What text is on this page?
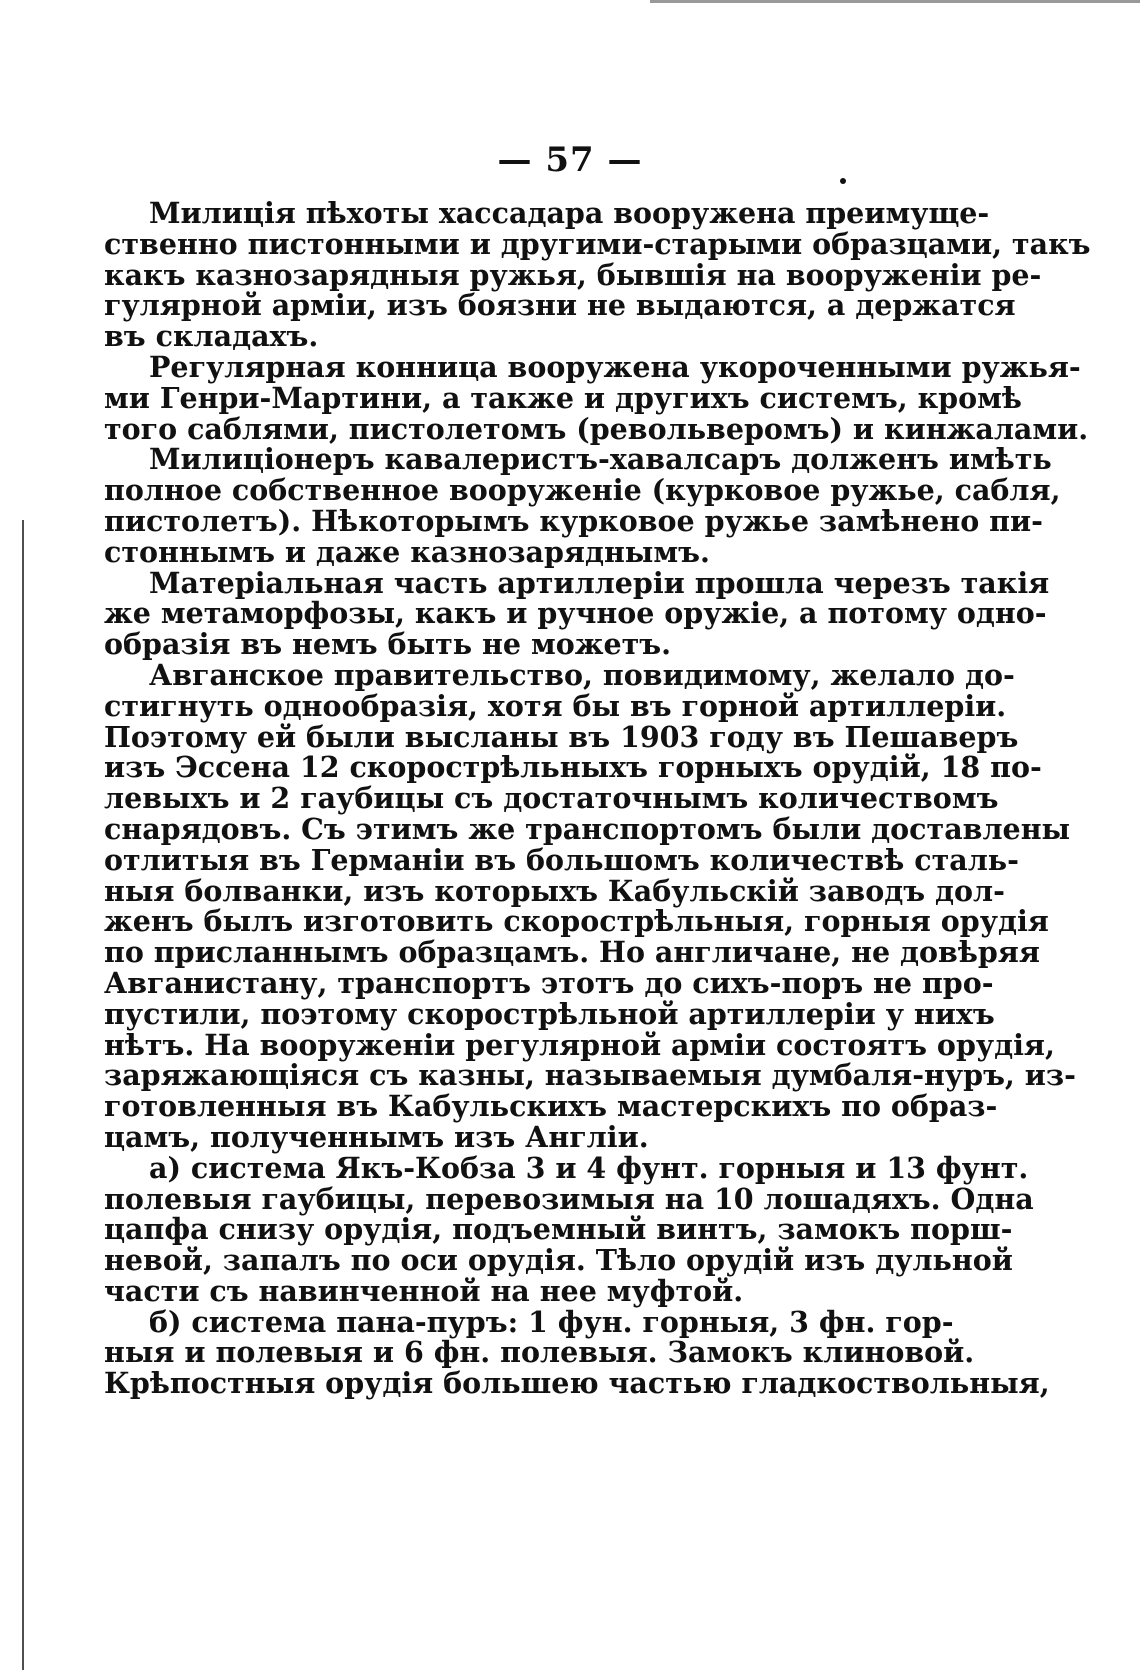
— 57 —
Милиція пѣхоты хассадара вооружена преимуще-
ственно пистонными и другими-старыми образцами, такъ
какъ казнозарядныя ружья, бывшія на вооруженіи ре-
гулярной арміи, изъ боязни не выдаются, а держатся
въ складахъ.
Регулярная конница вооружена укороченными ружья-
ми Генри-Мартини, а также и другихъ системъ, кромѣ
того саблями, пистолетомъ (револьверомъ) и кинжалами.
Милиціонеръ кавалеристъ-хавалсаръ долженъ имѣть
полное собственное вооруженіе (курковое ружье, сабля,
пистолетъ). Нѣкоторымъ курковое ружье замѣнено пи-
стоннымъ и даже казнозаряднымъ.
Матеріальная часть артиллеріи прошла черезъ такія
же метаморфозы, какъ и ручное оружіе, а потому одно-
образія въ немъ быть не можетъ.
Авганское правительство, повидимому, желало до-
стигнуть однообразія, хотя бы въ горной артиллеріи.
Поэтому ей были высланы въ 1903 году въ Пешаверъ
изъ Эссена 12 скорострѣльныхъ горныхъ орудій, 18 по-
левыхъ и 2 гаубицы съ достаточнымъ количествомъ
снарядовъ. Съ этимъ же транспортомъ были доставлены
отлитыя въ Германіи въ большомъ количествѣ сталь-
ныя болванки, изъ которыхъ Кабульскій заводъ дол-
женъ былъ изготовить скорострѣльныя, горныя орудія
по присланнымъ образцамъ. Но англичане, не довѣряя
Авганистану, транспортъ этотъ до сихъ-поръ не про-
пустили, поэтому скорострѣльной артиллеріи у нихъ
нѣтъ. На вооруженіи регулярной арміи состоятъ орудія,
заряжающіяся съ казны, называемыя думбаля-нуръ, из-
готовленныя въ Кабульскихъ мастерскихъ по образ-
цамъ, полученнымъ изъ Англіи.
а) система Якъ-Кобза 3 и 4 фунт. горныя и 13 фунт.
полевыя гаубицы, перевозимыя на 10 лошадяхъ. Одна
цапфа снизу орудія, подъемный винтъ, замокъ порш-
невой, запалъ по оси орудія. Тѣло орудій изъ дульной
части съ навинченной на нее муфтой.
б) система пана-пуръ: 1 фун. горныя, 3 фн. гор-
ныя и полевыя и 6 фн. полевыя. Замокъ клиновой.
Крѣпостныя орудія большею частью гладкоствольныя,
